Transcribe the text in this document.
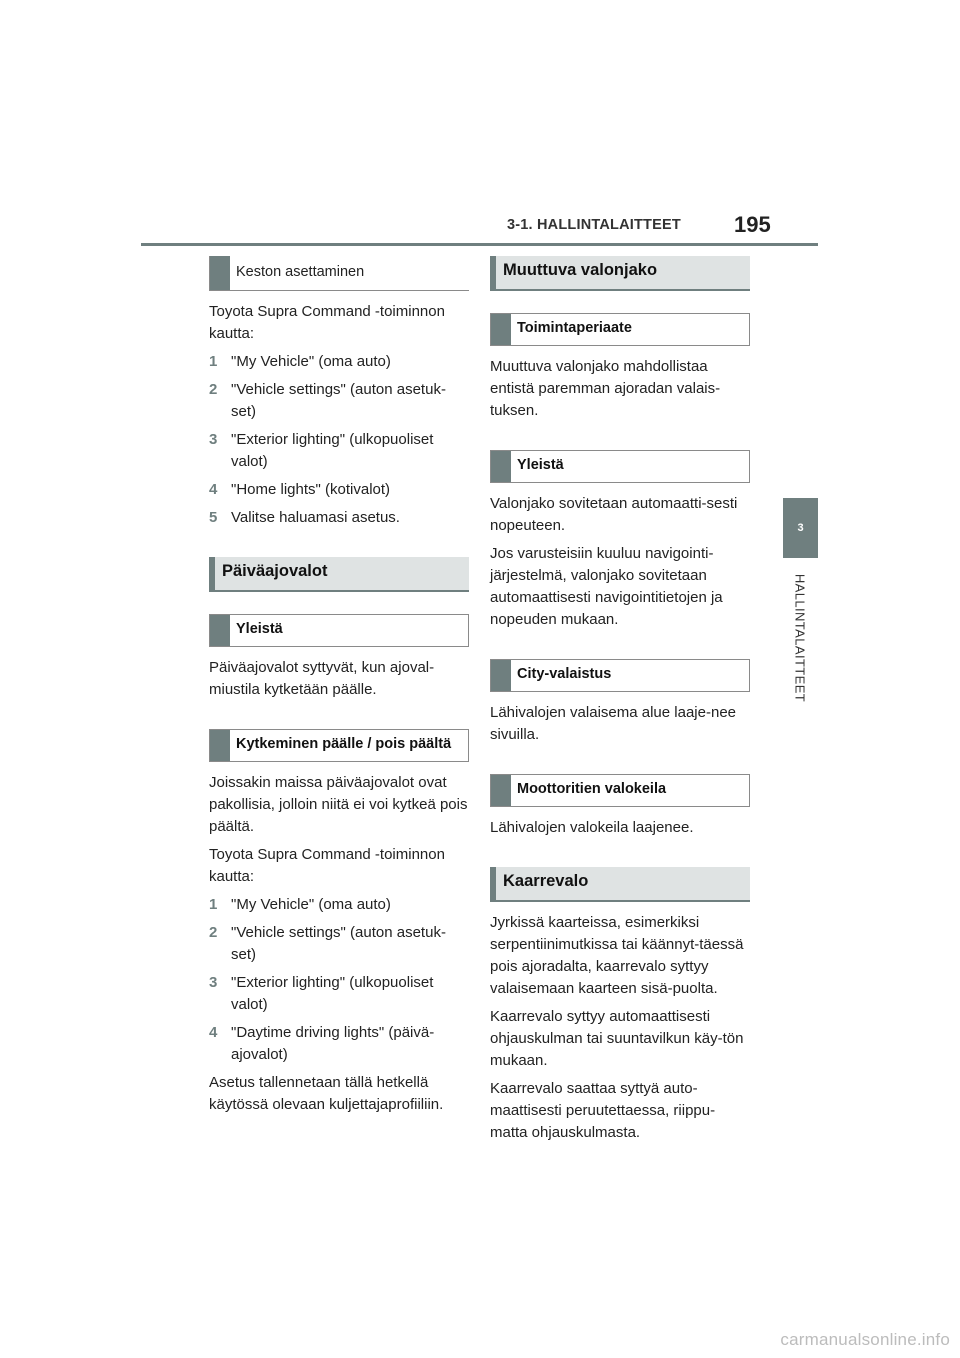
3-1. HALLINTALAITTEET 195
3
HALLINTALAITTEET
Keston asettaminen

Toyota Supra Command -toiminnon kautta:

1 "My Vehicle" (oma auto)
2 "Vehicle settings" (auton asetuk-set)
3 "Exterior lighting" (ulkopuoliset valot)
4 "Home lights" (kotivalot)
5 Valitse haluamasi asetus.
Päiväajovalot
Yleistä

Päiväajovalot syttyvät, kun ajoval-miustila kytketään päälle.

Kytkeminen päälle / pois päältä

Joissakin maissa päiväajovalot ovat pakollisia, jolloin niitä ei voi kytkeä pois päältä.

Toyota Supra Command -toiminnon kautta:

1 "My Vehicle" (oma auto)
2 "Vehicle settings" (auton asetuk-set)
3 "Exterior lighting" (ulkopuoliset valot)
4 "Daytime driving lights" (päivä-ajovalot)

Asetus tallennetaan tällä hetkellä käytössä olevaan kuljettajaprofiiliin.

Muuttuva valonjako
Toimintaperiaate

Muuttuva valonjako mahdollistaa entistä paremman ajoradan valais-tuksen.

Yleistä

Valonjako sovitetaan automaatti-sesti nopeuteen.

Jos varusteisiin kuuluu navigointi-järjestelmä, valonjako sovitetaan automaattisesti navigointitietojen ja nopeuden mukaan.

City-valaistus

Lähivalojen valaisema alue laaje-nee sivuilla.

Moottoritien valokeila

Lähivalojen valokeila laajenee.

Kaarrevalo

Jyrkissä kaarteissa, esimerkiksi serpentiinimutkissa tai käännyt-täessä pois ajoradalta, kaarrevalo syttyy valaisemaan kaarteen sisä-puolta.

Kaarrevalo syttyy automaattisesti ohjauskulman tai suuntavilkun käy-tön mukaan.

Kaarrevalo saattaa syttyä auto-maattisesti peruutettaessa, riippu-matta ohjauskulmasta.

carmanualsonline.info
